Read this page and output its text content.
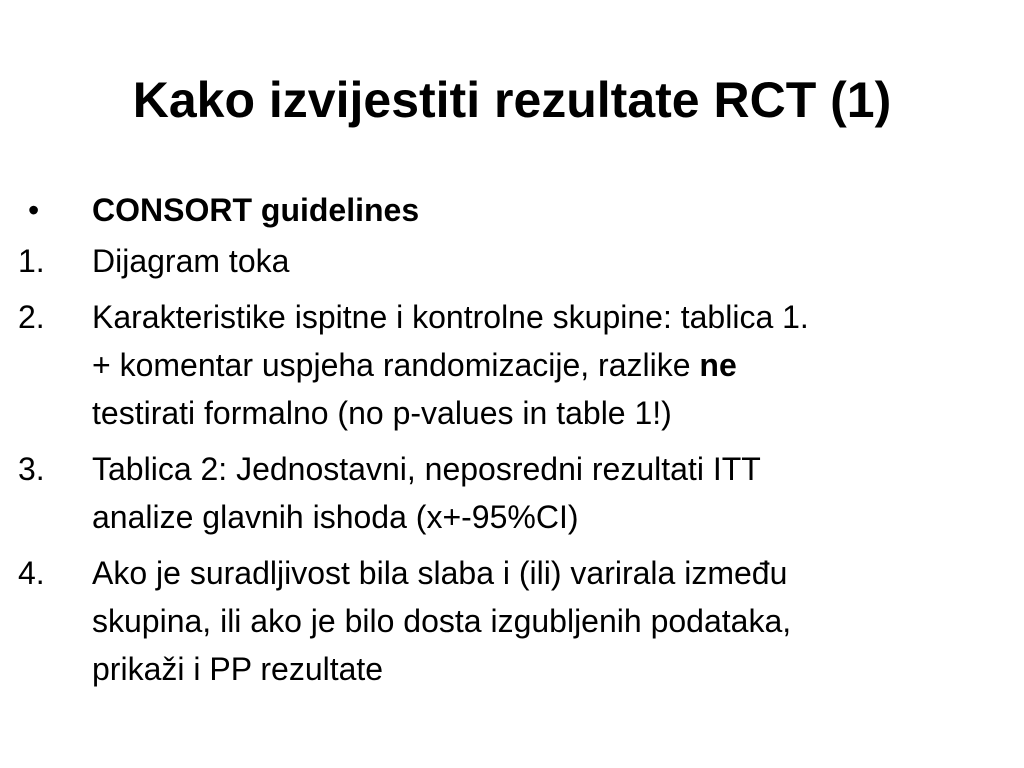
Kako izvijestiti rezultate RCT (1)

•	CONSORT guidelines

1.	Dijagram toka

2.	Karakteristike ispitne i kontrolne skupine: tablica 1.
+ komentar uspjeha randomizacije, razlike ne
testirati formalno (no p-values in table 1!)

3.	Tablica 2: Jednostavni, neposredni rezultati ITT
analize glavnih ishoda (x+-95%CI)

4.	Ako je suradljivost bila slaba i (ili) varirala između
skupina, ili ako je bilo dosta izgubljenih podataka,
prikaži i PP rezultate
